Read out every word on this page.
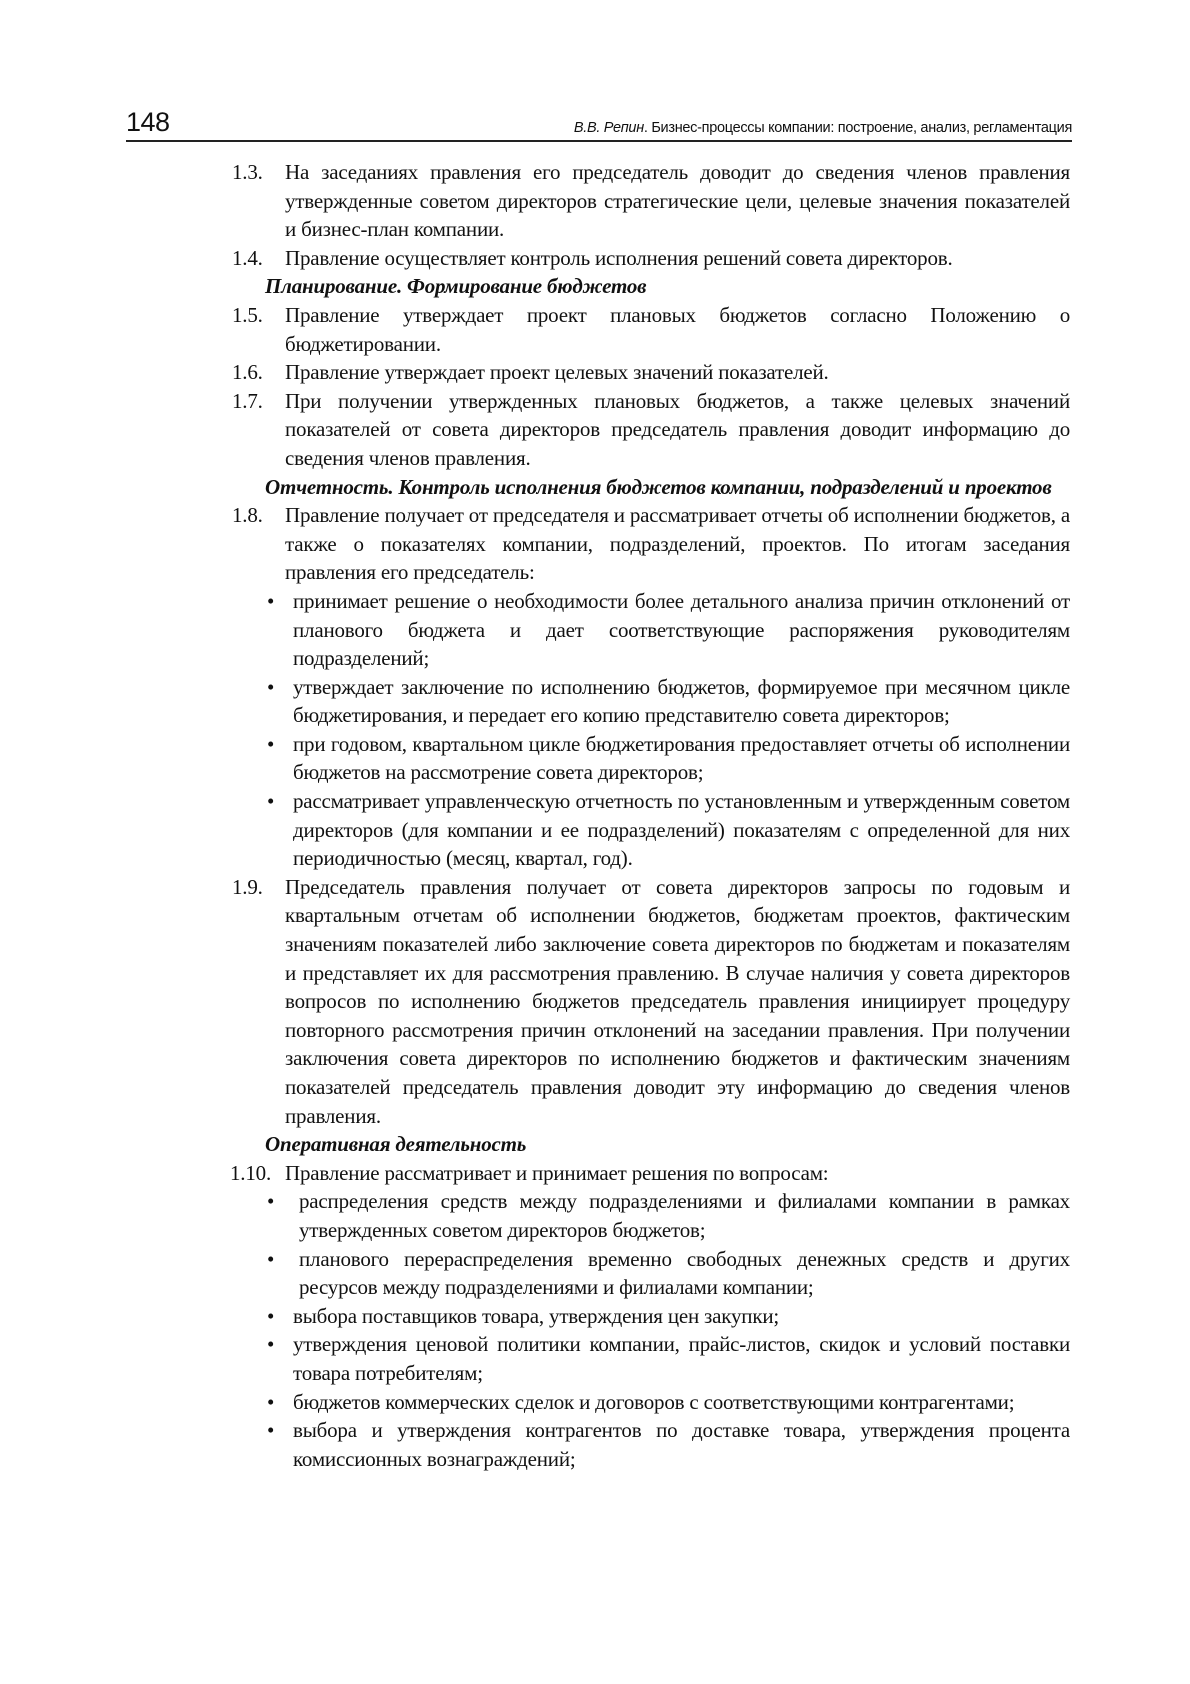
148	В.В. Репин. Бизнес-процессы компании: построение, анализ, регламентация
1.3. На заседаниях правления его председатель доводит до сведения членов правления утвержденные советом директоров стратегические цели, целевые значения показателей и бизнес-план компании.

1.4. Правление осуществляет контроль исполнения решений совета директоров.

Планирование. Формирование бюджетов

1.5. Правление утверждает проект плановых бюджетов согласно Положению о бюджетировании.

1.6. Правление утверждает проект целевых значений показателей.

1.7. При получении утвержденных плановых бюджетов, а также целевых значений показателей от совета директоров председатель правления доводит информацию до сведения членов правления.

Отчетность. Контроль исполнения бюджетов компании, подразделений и проектов

1.8. Правление получает от председателя и рассматривает отчеты об исполнении бюджетов, а также о показателях компании, подразделений, проектов. По итогам заседания правления его председатель:

• принимает решение о необходимости более детального анализа причин отклонений от планового бюджета и дает соответствующие распоряжения руководителям подразделений;

• утверждает заключение по исполнению бюджетов, формируемое при месячном цикле бюджетирования, и передает его копию представителю совета директоров;

• при годовом, квартальном цикле бюджетирования предоставляет отчеты об исполнении бюджетов на рассмотрение совета директоров;

• рассматривает управленческую отчетность по установленным и утвержденным советом директоров (для компании и ее подразделений) показателям с определенной для них периодичностью (месяц, квартал, год).

1.9. Председатель правления получает от совета директоров запросы по годовым и квартальным отчетам об исполнении бюджетов, бюджетам проектов, фактическим значениям показателей либо заключение совета директоров по бюджетам и показателям и представляет их для рассмотрения правлению. В случае наличия у совета директоров вопросов по исполнению бюджетов председатель правления инициирует процедуру повторного рассмотрения причин отклонений на заседании правления. При получении заключения совета директоров по исполнению бюджетов и фактическим значениям показателей председатель правления доводит эту информацию до сведения членов правления.

Оперативная деятельность

1.10. Правление рассматривает и принимает решения по вопросам:

• распределения средств между подразделениями и филиалами компании в рамках утвержденных советом директоров бюджетов;

• планового перераспределения временно свободных денежных средств и других ресурсов между подразделениями и филиалами компании;

• выбора поставщиков товара, утверждения цен закупки;

• утверждения ценовой политики компании, прайс-листов, скидок и условий поставки товара потребителям;

• бюджетов коммерческих сделок и договоров с соответствующими контрагентами;

• выбора и утверждения контрагентов по доставке товара, утверждения процента комиссионных вознаграждений;
